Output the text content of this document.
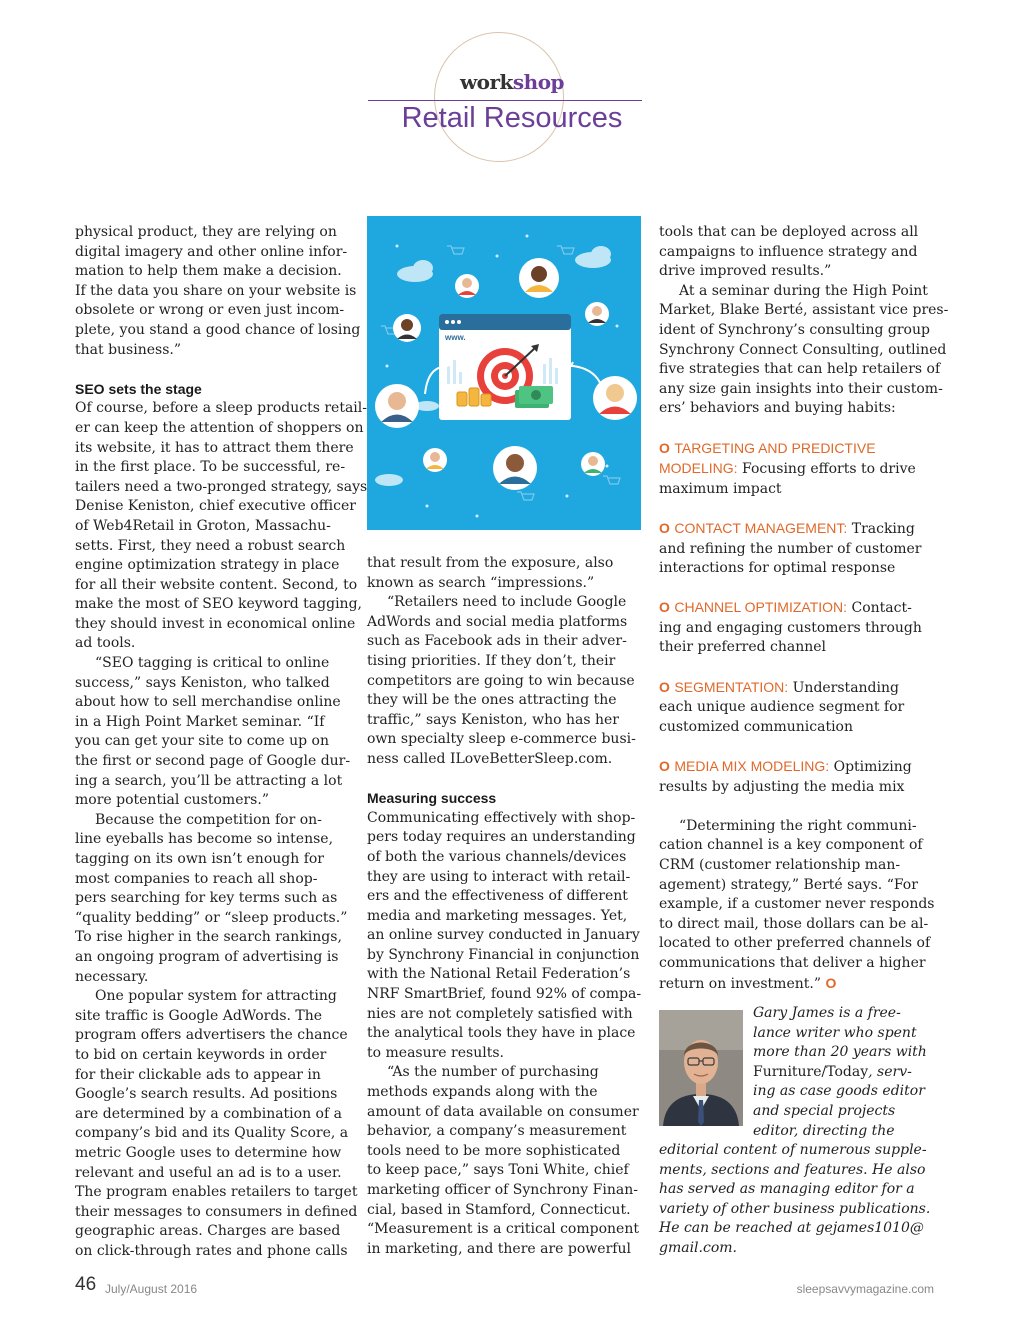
workshop
Retail Resources

physical product, they are relying on

digital imagery and other online infor-

mation to help them make a decision.

If the data you share on your website is

obsolete or wrong or even just incom-

plete, you stand a good chance of losing

that business.”

SEO sets the stage

Of course, before a sleep products retail-

er can keep the attention of shoppers on

its website, it has to attract them there

in the first place. To be successful, re-

tailers need a two-pronged strategy, says

Denise Keniston, chief executive officer

of Web4Retail in Groton, Massachu-

setts. First, they need a robust search

engine optimization strategy in place

for all their website content. Second, to

make the most of SEO keyword tagging,

they should invest in economical online

ad tools.

“SEO tagging is critical to online

success,” says Keniston, who talked

about how to sell merchandise online

in a High Point Market seminar. “If

you can get your site to come up on

the first or second page of Google dur-

ing a search, you’ll be attracting a lot

more potential customers.”

Because the competition for on-

line eyeballs has become so intense,

tagging on its own isn’t enough for

most companies to reach all shop-

pers searching for key terms such as

“quality bedding” or “sleep products.”

To rise higher in the search rankings,

an ongoing program of advertising is

necessary.

One popular system for attracting

site traffic is Google AdWords. The

program offers advertisers the chance

to bid on certain keywords in order

for their clickable ads to appear in

Google’s search results. Ad positions

are determined by a combination of a

company’s bid and its Quality Score, a

metric Google uses to determine how

relevant and useful an ad is to a user.

The program enables retailers to target

their messages to consumers in defined

geographic areas. Charges are based

on click-through rates and phone calls

www.

that result from the exposure, also

known as search “impressions.”

“Retailers need to include Google

AdWords and social media platforms

such as Facebook ads in their adver-

tising priorities. If they don’t, their

competitors are going to win because

they will be the ones attracting the

traffic,” says Keniston, who has her

own specialty sleep e-commerce busi-

ness called ILoveBetterSleep.com.

Measuring success

Communicating effectively with shop-

pers today requires an understanding

of both the various channels/devices

they are using to interact with retail-

ers and the effectiveness of different

media and marketing messages. Yet,

an online survey conducted in January

by Synchrony Financial in conjunction

with the National Retail Federation’s

NRF SmartBrief, found 92% of compa-

nies are not completely satisfied with

the analytical tools they have in place

to measure results.

“As the number of purchasing

methods expands along with the

amount of data available on consumer

behavior, a company’s measurement

tools need to be more sophisticated

to keep pace,” says Toni White, chief

marketing officer of Synchrony Finan-

cial, based in Stamford, Connecticut.

“Measurement is a critical component

in marketing, and there are powerful

tools that can be deployed across all

campaigns to influence strategy and

drive improved results.”

At a seminar during the High Point

Market, Blake Berté, assistant vice pres-

ident of Synchrony’s consulting group

Synchrony Connect Consulting, outlined

five strategies that can help retailers of

any size gain insights into their custom-

ers’ behaviors and buying habits:

O TARGETING AND PREDICTIVE

MODELING: Focusing efforts to drive

maximum impact

O CONTACT MANAGEMENT: Tracking

and refining the number of customer

interactions for optimal response

O CHANNEL OPTIMIZATION: Contact-

ing and engaging customers through

their preferred channel

O SEGMENTATION: Understanding

each unique audience segment for

customized communication

O MEDIA MIX MODELING: Optimizing

results by adjusting the media mix

“Determining the right communi-

cation channel is a key component of

CRM (customer relationship man-

agement) strategy,” Berté says. “For

example, if a customer never responds

to direct mail, those dollars can be al-

located to other preferred channels of

communications that deliver a higher

return on investment.” O

Gary James is a free-

lance writer who spent

more than 20 years with

Furniture/Today, serv-

ing as case goods editor

and special projects

editor, directing the

editorial content of numerous supple-

ments, sections and features. He also

has served as managing editor for a

variety of other business publications.

He can be reached at gejames1010@

gmail.com.

46 July/August 2016	sleepsavvymagazine.com
